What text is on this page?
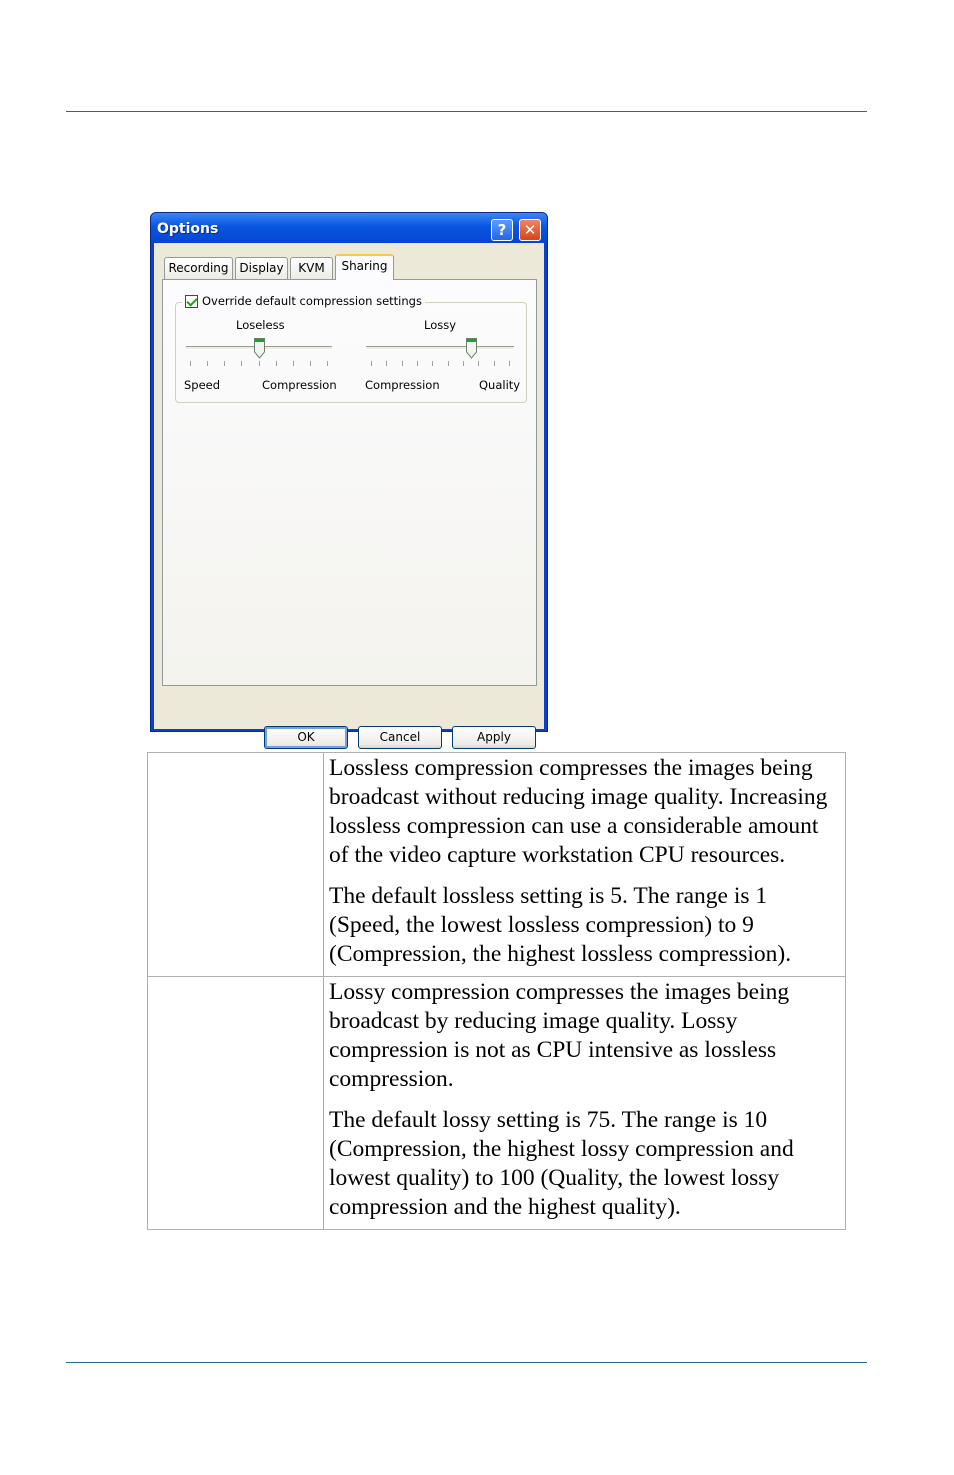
Options	?	✕
Recording Display	KVM	Sharing
Override default compression settings
Loseless
Speed	Compression
Lossy
Compression	Quality
OK	Cancel	Apply

	Lossless compression compresses the images being broadcast without reducing image quality. Increasing lossless compression can use a considerable amount of the video capture workstation CPU resources.

The default lossless setting is 5. The range is 1 (Speed, the lowest lossless compression) to 9 (Compression, the highest lossless compression).

	Lossy compression compresses the images being broadcast by reducing image quality. Lossy compression is not as CPU intensive as lossless compression.

The default lossy setting is 75. The range is 10 (Compression, the highest lossy compression and lowest quality) to 100 (Quality, the lowest lossy compression and the highest quality).
